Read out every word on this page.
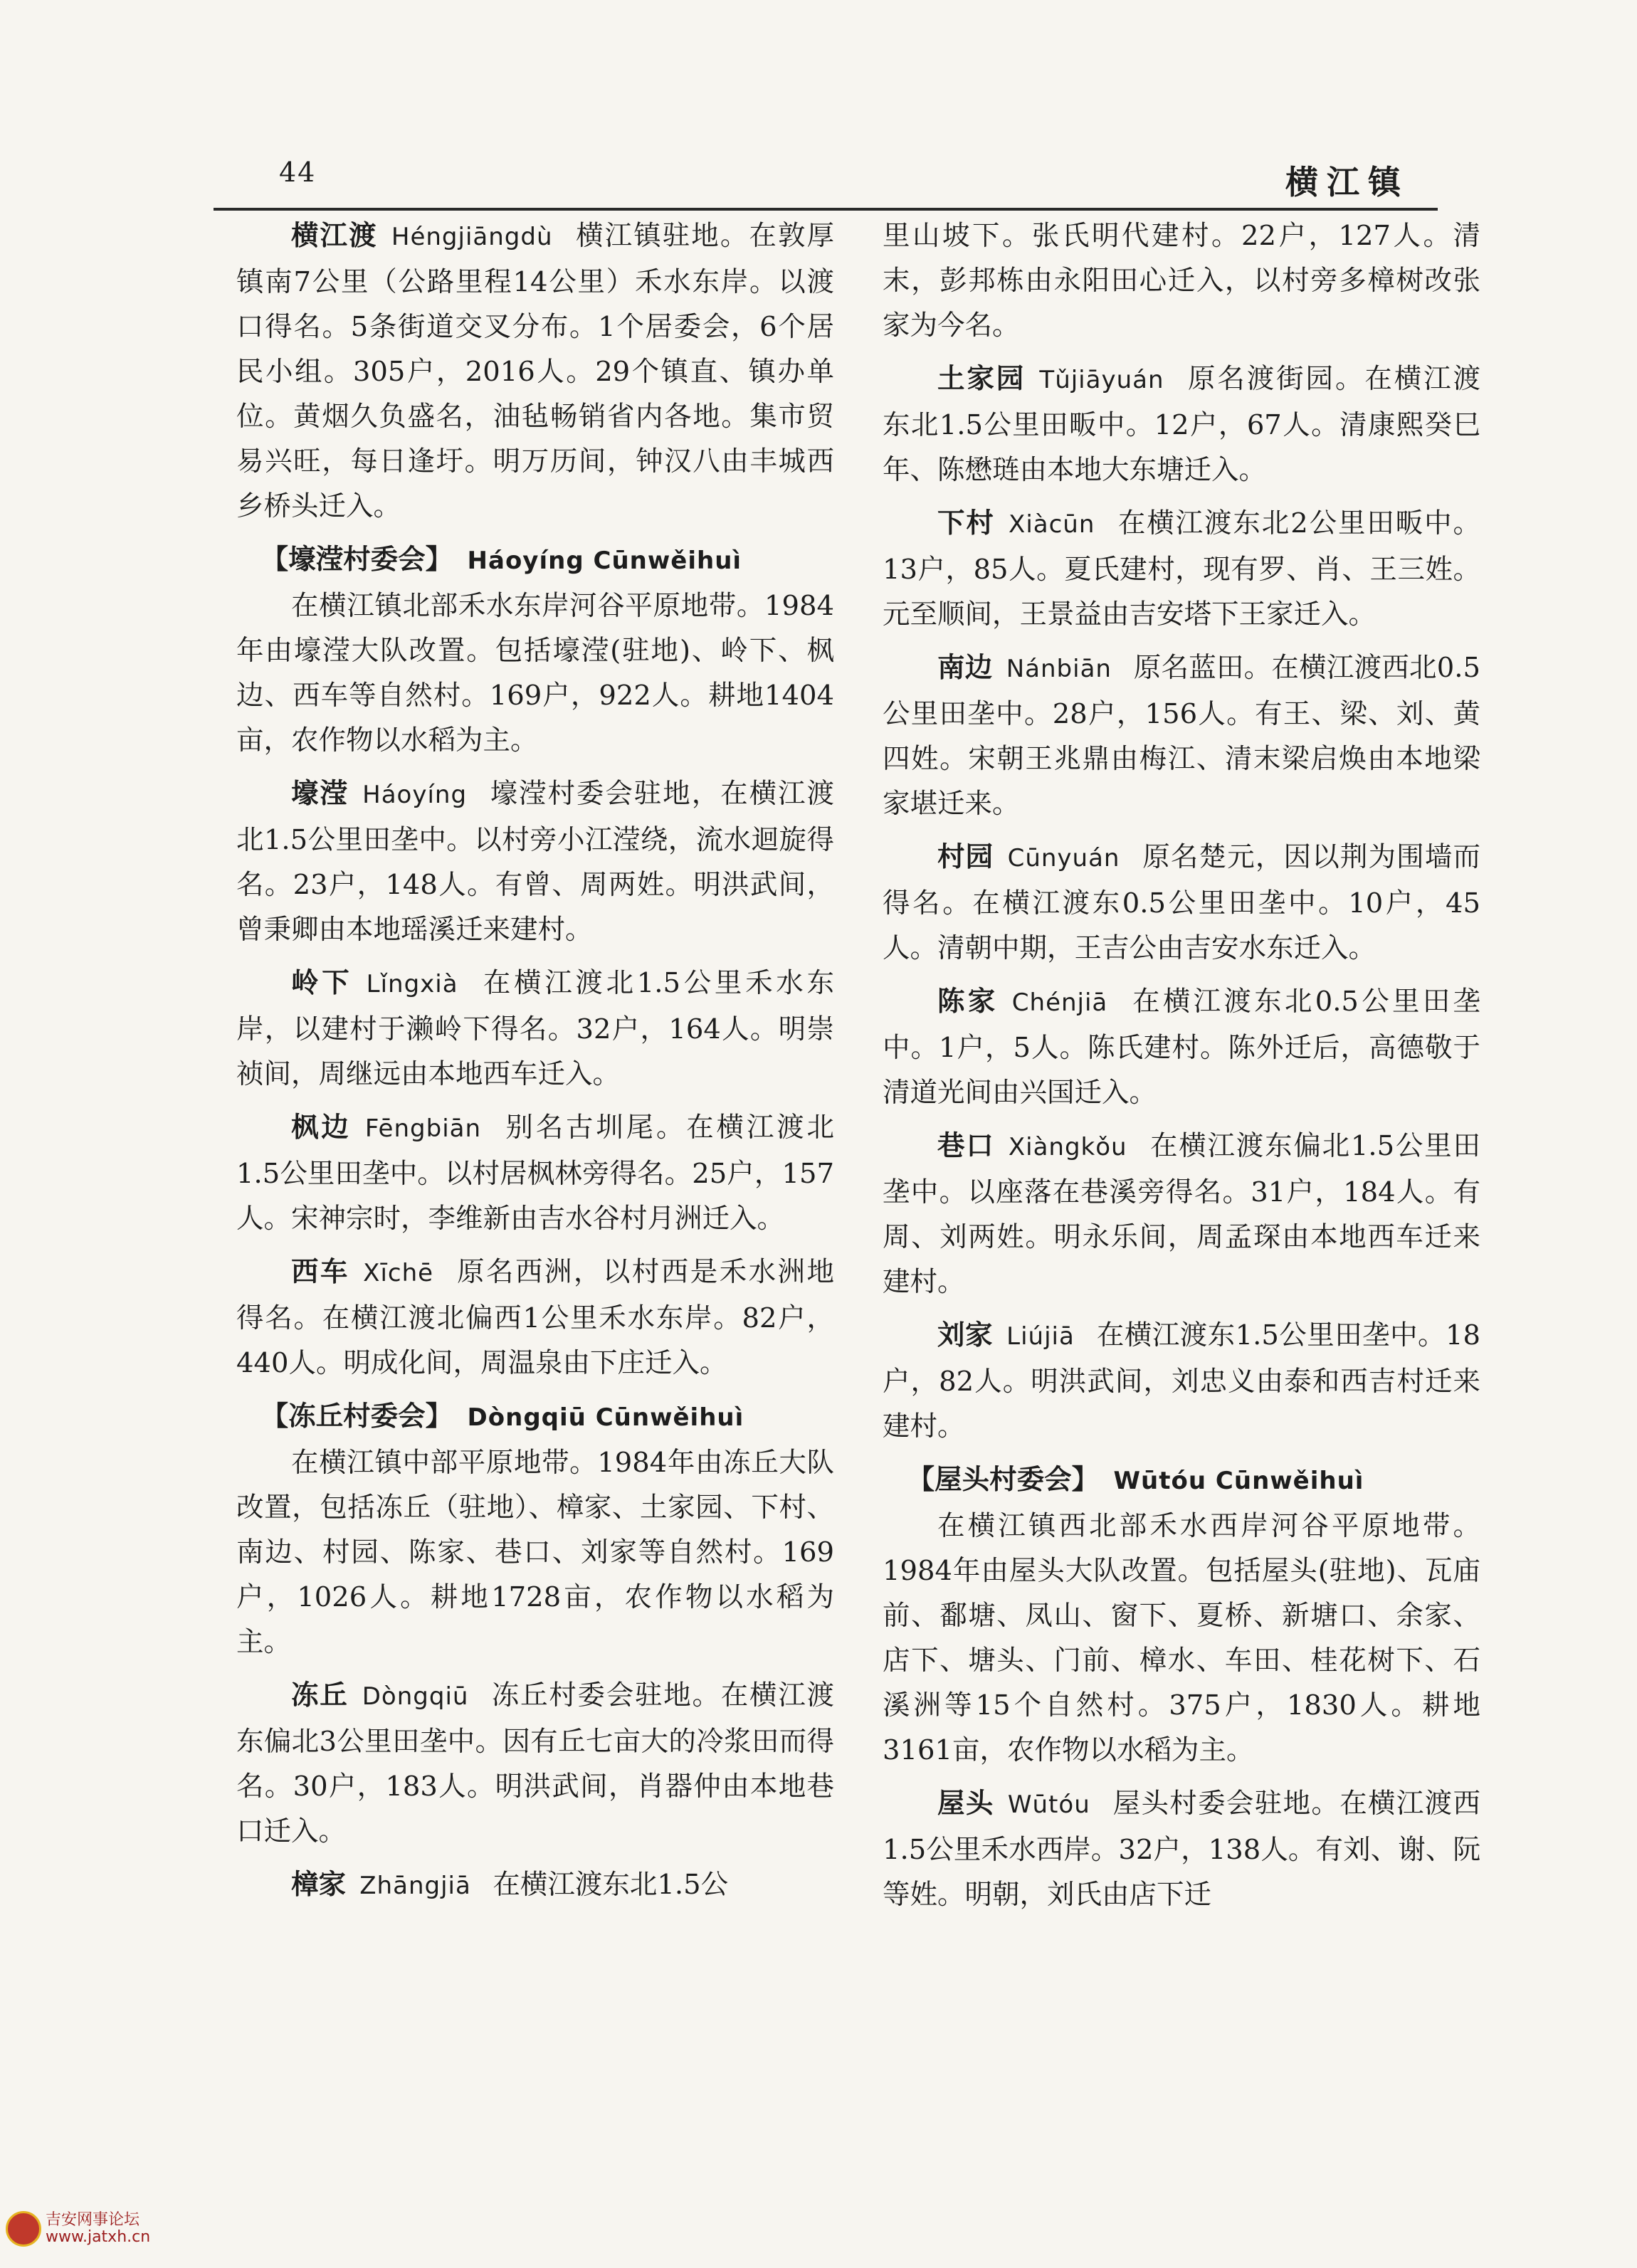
44	横江镇

横江渡 Héngjiāngdù 横江镇驻地。在敦厚镇南7公里（公路里程14公里）禾水东岸。以渡口得名。5条街道交叉分布。1个居委会，6个居民小组。305户，2016人。29个镇直、镇办单位。黄烟久负盛名，油毡畅销省内各地。集市贸易兴旺，每日逢圩。明万历间，钟汉八由丰城西乡桥头迁入。

【壕滢村委会】 Háoyíng Cūnwěihuì

在横江镇北部禾水东岸河谷平原地带。1984年由壕滢大队改置。包括壕滢(驻地)、岭下、枫边、西车等自然村。169户，922人。耕地1404亩，农作物以水稻为主。

壕滢 Háoyíng 壕滢村委会驻地，在横江渡北1.5公里田垄中。以村旁小江滢绕，流水迴旋得名。23户，148人。有曾、周两姓。明洪武间，曾秉卿由本地瑶溪迁来建村。

岭下 Lǐngxià 在横江渡北1.5公里禾水东岸，以建村于濑岭下得名。32户，164人。明崇祯间，周继远由本地西车迁入。

枫边 Fēngbiān 别名古圳尾。在横江渡北1.5公里田垄中。以村居枫林旁得名。25户，157人。宋神宗时，李维新由吉水谷村月洲迁入。

西车 Xīchē 原名西洲，以村西是禾水洲地得名。在横江渡北偏西1公里禾水东岸。82户，440人。明成化间，周温泉由下庄迁入。

【冻丘村委会】 Dòngqiū Cūnwěihuì

在横江镇中部平原地带。1984年由冻丘大队改置，包括冻丘（驻地）、樟家、土家园、下村、南边、村园、陈家、巷口、刘家等自然村。169户，1026人。耕地1728亩，农作物以水稻为主。

冻丘 Dòngqiū 冻丘村委会驻地。在横江渡东偏北3公里田垄中。因有丘七亩大的冷浆田而得名。30户，183人。明洪武间，肖器仲由本地巷口迁入。

樟家 Zhāngjiā 在横江渡东北1.5公

里山坡下。张氏明代建村。22户，127人。清末，彭邦栋由永阳田心迁入，以村旁多樟树改张家为今名。

土家园 Tǔjiāyuán 原名渡街园。在横江渡东北1.5公里田畈中。12户，67人。清康熙癸巳年、陈懋琏由本地大东塘迁入。

下村 Xiàcūn 在横江渡东北2公里田畈中。13户，85人。夏氏建村，现有罗、肖、王三姓。元至顺间，王景益由吉安塔下王家迁入。

南边 Nánbiān 原名蓝田。在横江渡西北0.5公里田垄中。28户，156人。有王、梁、刘、黄四姓。宋朝王兆鼎由梅江、清末梁启焕由本地梁家堪迁来。

村园 Cūnyuán 原名楚元，因以荆为围墙而得名。在横江渡东0.5公里田垄中。10户，45人。清朝中期，王吉公由吉安水东迁入。

陈家 Chénjiā 在横江渡东北0.5公里田垄中。1户，5人。陈氏建村。陈外迁后，高德敬于清道光间由兴国迁入。

巷口 Xiàngkǒu 在横江渡东偏北1.5公里田垄中。以座落在巷溪旁得名。31户，184人。有周、刘两姓。明永乐间，周孟琛由本地西车迁来建村。

刘家 Liújiā 在横江渡东1.5公里田垄中。18户，82人。明洪武间，刘忠义由泰和西吉村迁来建村。

【屋头村委会】 Wūtóu Cūnwěihuì

在横江镇西北部禾水西岸河谷平原地带。1984年由屋头大队改置。包括屋头(驻地)、瓦庙前、鄱塘、凤山、窗下、夏桥、新塘口、余家、店下、塘头、门前、樟水、车田、桂花树下、石溪洲等15个自然村。375户，1830人。耕地3161亩，农作物以水稻为主。

屋头 Wūtóu 屋头村委会驻地。在横江渡西1.5公里禾水西岸。32户，138人。有刘、谢、阮等姓。明朝，刘氏由店下迁

吉安网事论坛
www.jatxh.cn
